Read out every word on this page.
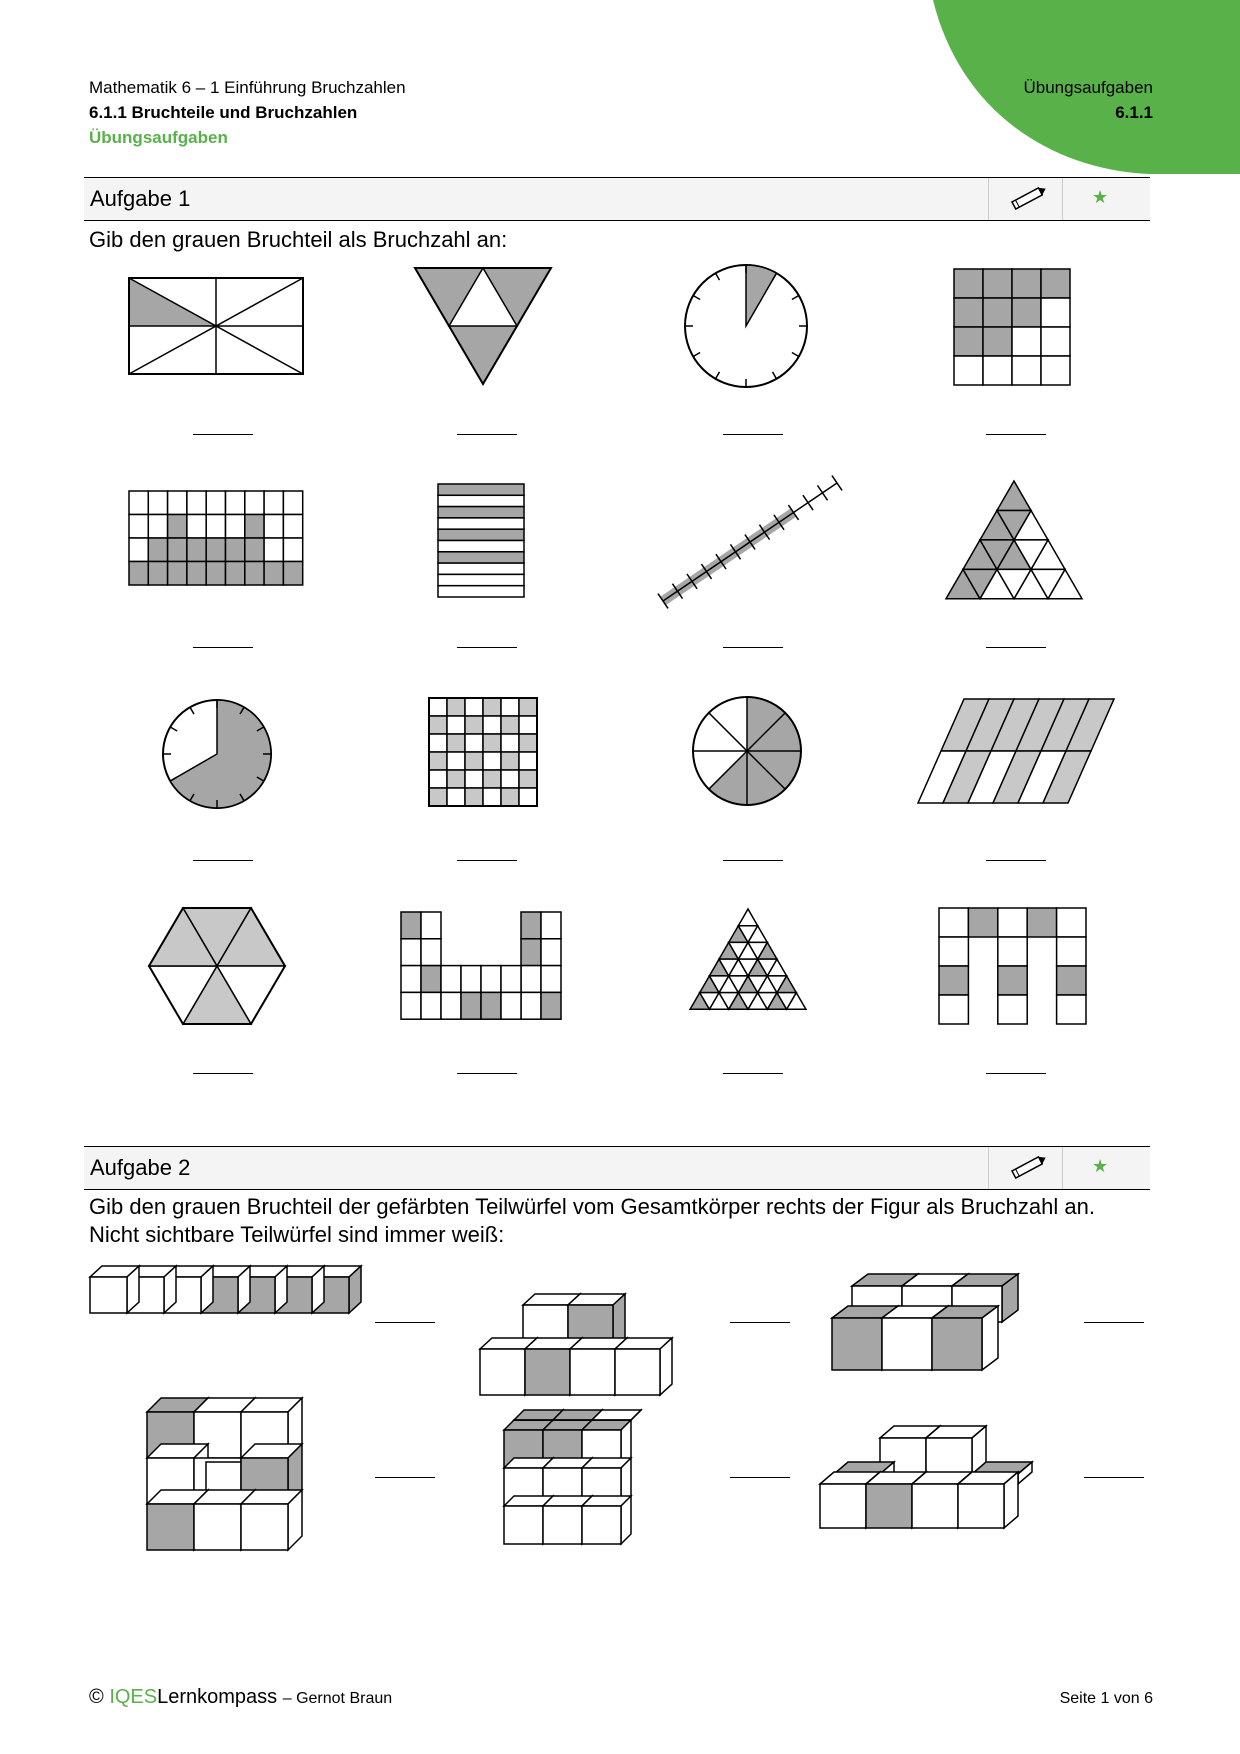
Mathematik 6 – 1 Einführung Bruchzahlen
6.1.1 Bruchteile und Bruchzahlen
Übungsaufgaben
Übungsaufgaben
6.1.1
Aufgabe 1	★
Gib den grauen Bruchteil als Bruchzahl an:
Aufgabe 2	★
Gib den grauen Bruchteil der gefärbten Teilwürfel vom Gesamtkörper rechts der Figur als Bruchzahl an.
Nicht sichtbare Teilwürfel sind immer weiß:
© IQESLernkompass – Gernot Braun	Seite 1 von 6
